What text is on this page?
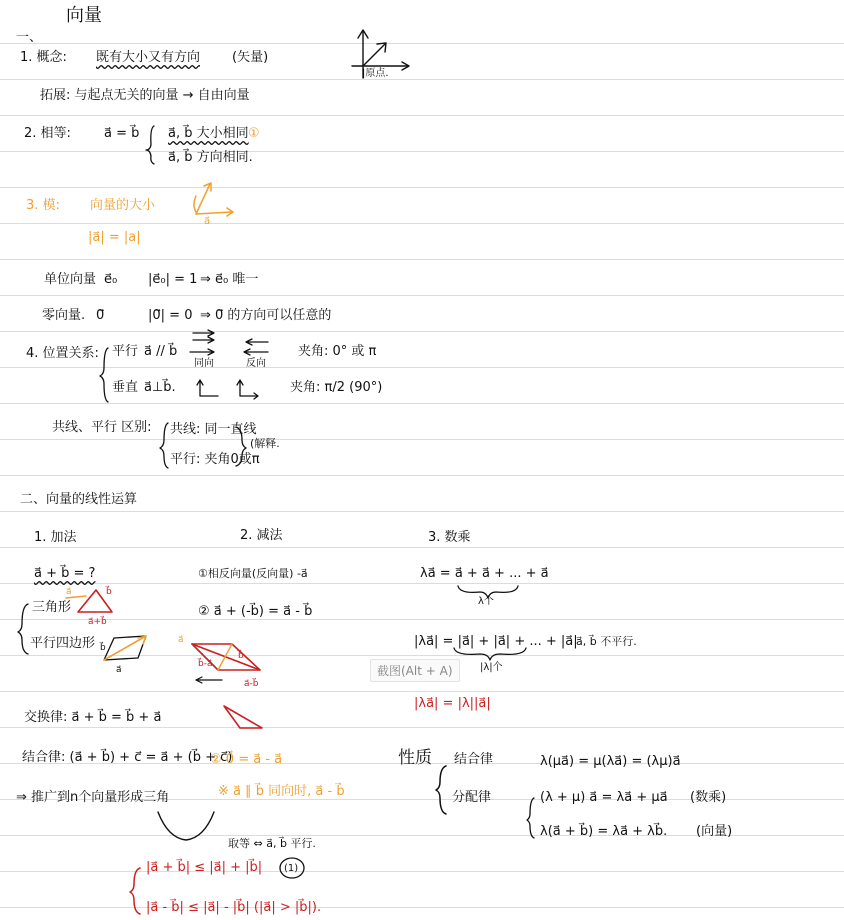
向量
一、
1. 概念: 既有大小又有方向 (矢量)
|原点.
拓展: 与起点无关的向量 → 自由向量
2. 相等:	a⃗ = b⃗ a⃗, b⃗ 大小相同 ①
a⃗, b⃗ 方向相同.
3. 模: 向量的大小
a⃗
|a⃗| = |a|
单位向量 e⃗₀ |e⃗₀| = 1 ⇒ e⃗₀ 唯一
零向量. 0⃗	|0⃗| = 0 ⇒ 0⃗ 的方向可以任意的
4. 位置关系: 平行 a⃗ // b⃗
同向	反向
夹角: 0° 或 π
垂直 a⃗⊥b⃗.	夹角: π/2 (90°)
共线、平行 区别: 共线: 同一直线
平行: 夹角0或π
(解释.
二、向量的线性运算
1. 加法
a⃗ + b⃗ = ?
三角形
a⃗	b⃗
a⃗+b⃗
平行四边形 b⃗
a⃗
2. 减法
①相反向量(反向量) -a⃗
② a⃗ + (-b⃗) = a⃗ - b⃗
a⃗
b⃗
b⃗-a⃗
a⃗-b⃗
3. 数乘
λa⃗ = a⃗ + a⃗ + ... + a⃗
λ个
|λa⃗| = |a⃗| + |a⃗| + ... + |a⃗|
a⃗, b⃗ 不平行.
|λ|个
|λa⃗| = |λ||a⃗|
交换律: a⃗ + b⃗ = b⃗ + a⃗
结合律: (a⃗ + b⃗) + c⃗ = a⃗ + (b⃗ + c⃗)
② 0⃗ = a⃗ - a⃗
※ a⃗ ∥ b⃗ 同向时, a⃗ - b⃗
⇒ 推广到n个向量形成三角
取等 ⇔ a⃗, b⃗ 平行.
|a⃗ + b⃗| ≤ |a⃗| + |b⃗| (1)
|a⃗ - b⃗| ≤ |a⃗| - |b⃗| (|a⃗| > |b⃗|).
性质 结合律	λ(μa⃗) = μ(λa⃗) = (λμ)a⃗
分配律	(λ + μ) a⃗ = λa⃗ + μa⃗ (数乘)
λ(a⃗ + b⃗) = λa⃗ + λb⃗. (向量)
截图(Alt + A)
